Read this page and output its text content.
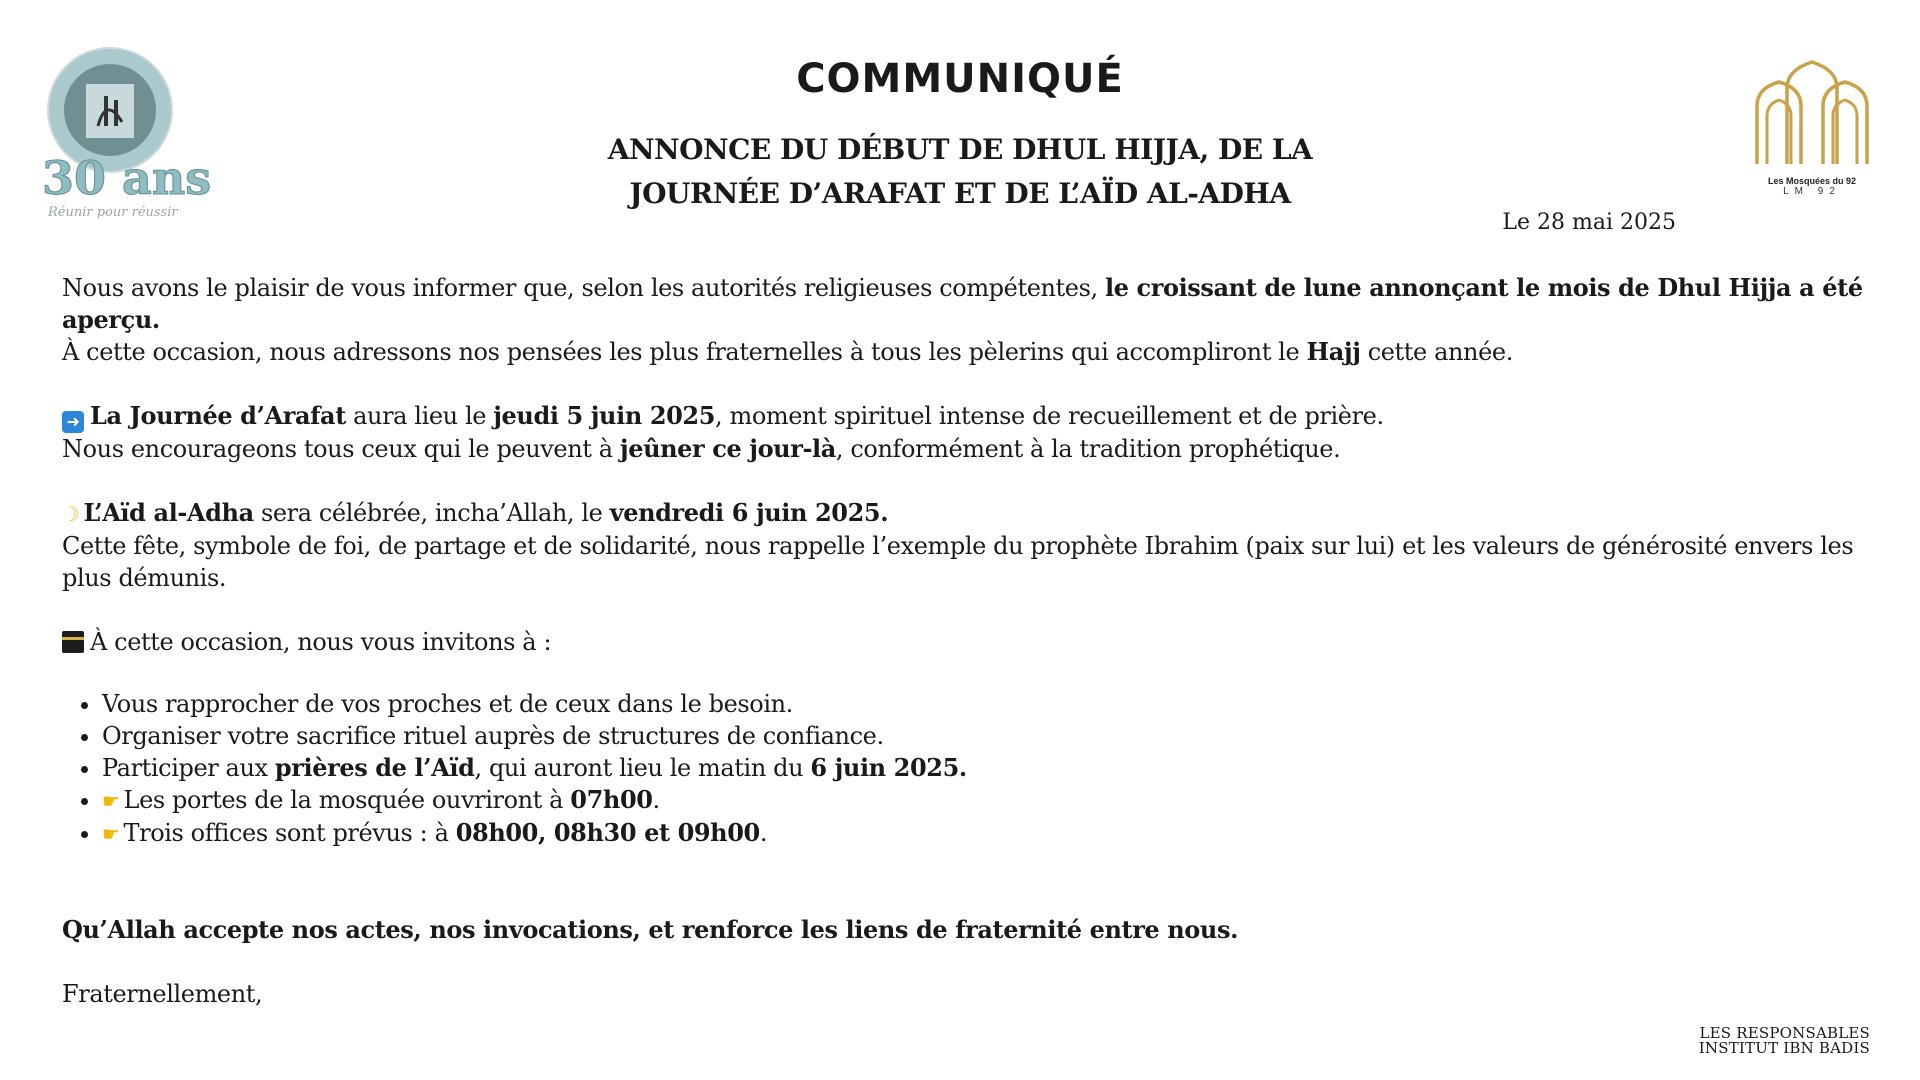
30 ans
Réunir pour réussir
Les Mosquées du 92
LM 92
COMMUNIQUÉ
ANNONCE DU DÉBUT DE DHUL HIJJA, DE LA
JOURNÉE D’ARAFAT ET DE L’AÏD AL-ADHA
Le 28 mai 2025

Nous avons le plaisir de vous informer que, selon les autorités religieuses compétentes, le croissant de lune annonçant le mois de Dhul Hijja a été aperçu.

À cette occasion, nous adressons nos pensées les plus fraternelles à tous les pèlerins qui accompliront le Hajj cette année.

➜ La Journée d’Arafat aura lieu le jeudi 5 juin 2025, moment spirituel intense de recueillement et de prière.

Nous encourageons tous ceux qui le peuvent à jeûner ce jour-là, conformément à la tradition prophétique.

☽ L’Aïd al-Adha sera célébrée, incha’Allah, le vendredi 6 juin 2025.

Cette fête, symbole de foi, de partage et de solidarité, nous rappelle l’exemple du prophète Ibrahim (paix sur lui) et les valeurs de générosité envers les plus démunis.

À cette occasion, nous vous invitons à :

• Vous rapprocher de vos proches et de ceux dans le besoin.
• Organiser votre sacrifice rituel auprès de structures de confiance.
• Participer aux prières de l’Aïd, qui auront lieu le matin du 6 juin 2025.
• ☛ Les portes de la mosquée ouvriront à 07h00.
• ☛ Trois offices sont prévus : à 08h00, 08h30 et 09h00.

Qu’Allah accepte nos actes, nos invocations, et renforce les liens de fraternité entre nous.

Fraternellement,

LES RESPONSABLES
INSTITUT IBN BADIS
